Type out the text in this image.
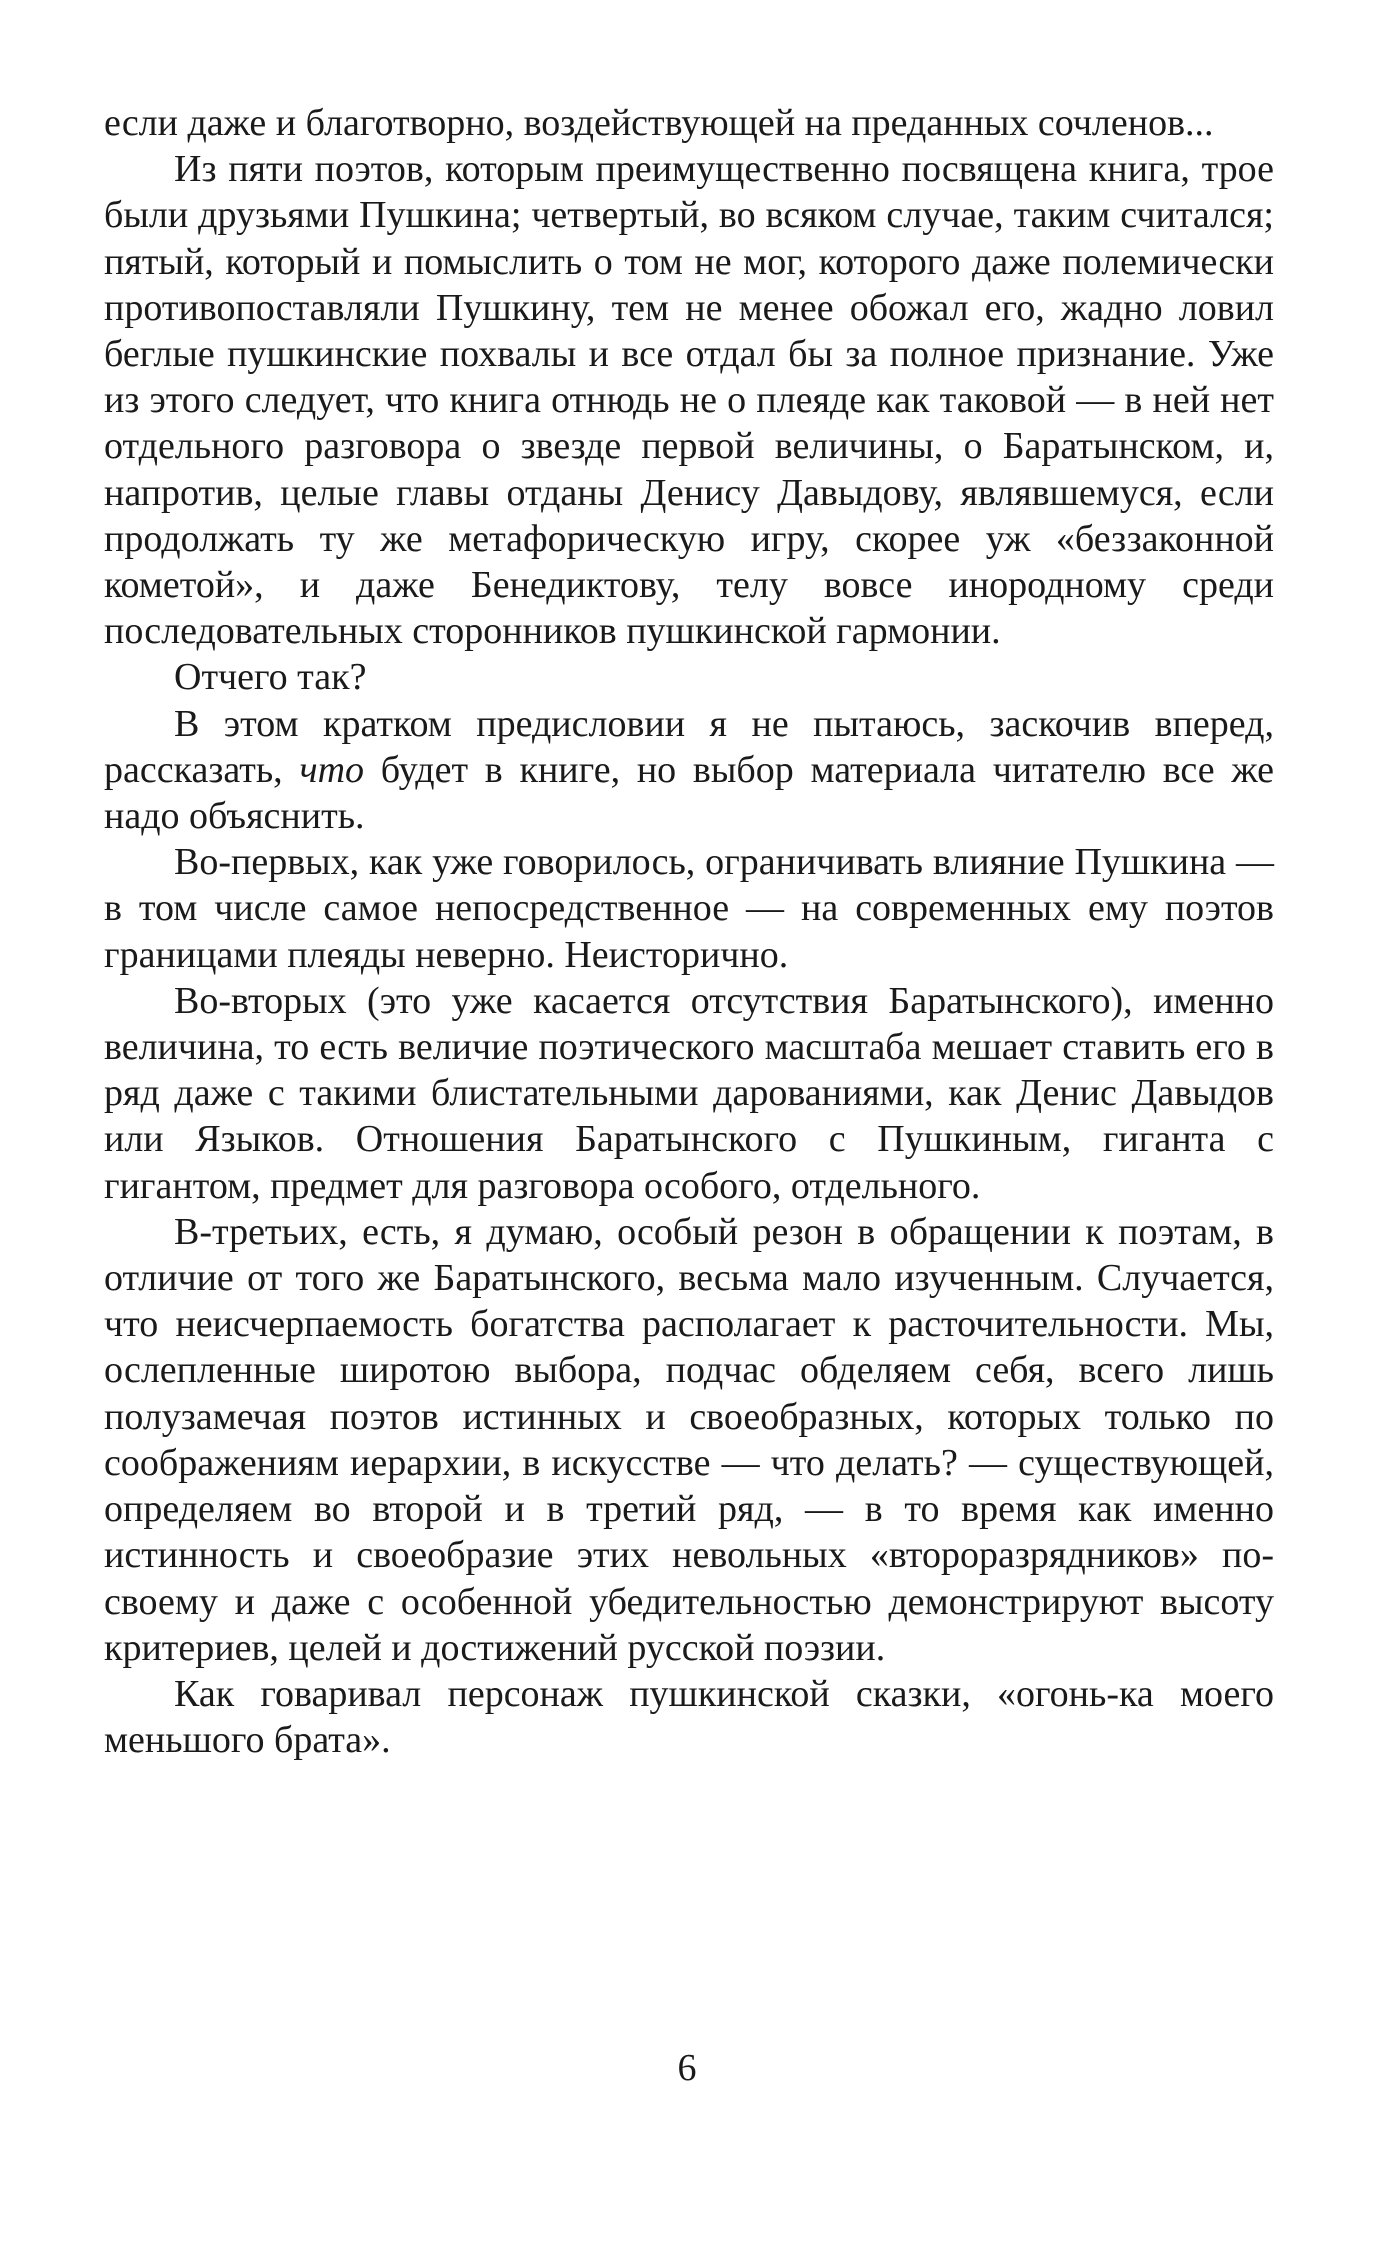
если даже и благотворно, воздействующей на преданных сочленов...

Из пяти поэтов, которым преимущественно посвящена книга, трое были друзьями Пушкина; четвертый, во всяком случае, таким считался; пятый, который и помыслить о том не мог, которого даже полемически противопоставляли Пушкину, тем не менее обожал его, жадно ловил беглые пушкинские похвалы и все отдал бы за полное признание. Уже из этого следует, что книга отнюдь не о плеяде как таковой — в ней нет отдельного разговора о звезде первой величины, о Баратынском, и, напротив, целые главы отданы Денису Давыдову, являвшемуся, если продолжать ту же метафорическую игру, скорее уж «беззаконной кометой», и даже Бенедиктову, телу вовсе инородному среди последовательных сторонников пушкинской гармонии.

Отчего так?

В этом кратком предисловии я не пытаюсь, заскочив вперед, рассказать, что будет в книге, но выбор материала читателю все же надо объяснить.

Во-первых, как уже говорилось, ограничивать влияние Пушкина — в том числе самое непосредственное — на современных ему поэтов границами плеяды неверно. Неисторично.

Во-вторых (это уже касается отсутствия Баратынского), именно величина, то есть величие поэтического масштаба мешает ставить его в ряд даже с такими блистательными дарованиями, как Денис Давыдов или Языков. Отношения Баратынского с Пушкиным, гиганта с гигантом, предмет для разговора особого, отдельного.

В-третьих, есть, я думаю, особый резон в обращении к поэтам, в отличие от того же Баратынского, весьма мало изученным. Случается, что неисчерпаемость богатства располагает к расточительности. Мы, ослепленные широтою выбора, подчас обделяем себя, всего лишь полузамечая поэтов истинных и своеобразных, которых только по соображениям иерархии, в искусстве — что делать? — существующей, определяем во второй и в третий ряд, — в то время как именно истинность и своеобразие этих невольных «второразрядников» по-своему и даже с особенной убедительностью демонстрируют высоту критериев, целей и достижений русской поэзии.

Как говаривал персонаж пушкинской сказки, «огонь-ка моего меньшого брата».

6
